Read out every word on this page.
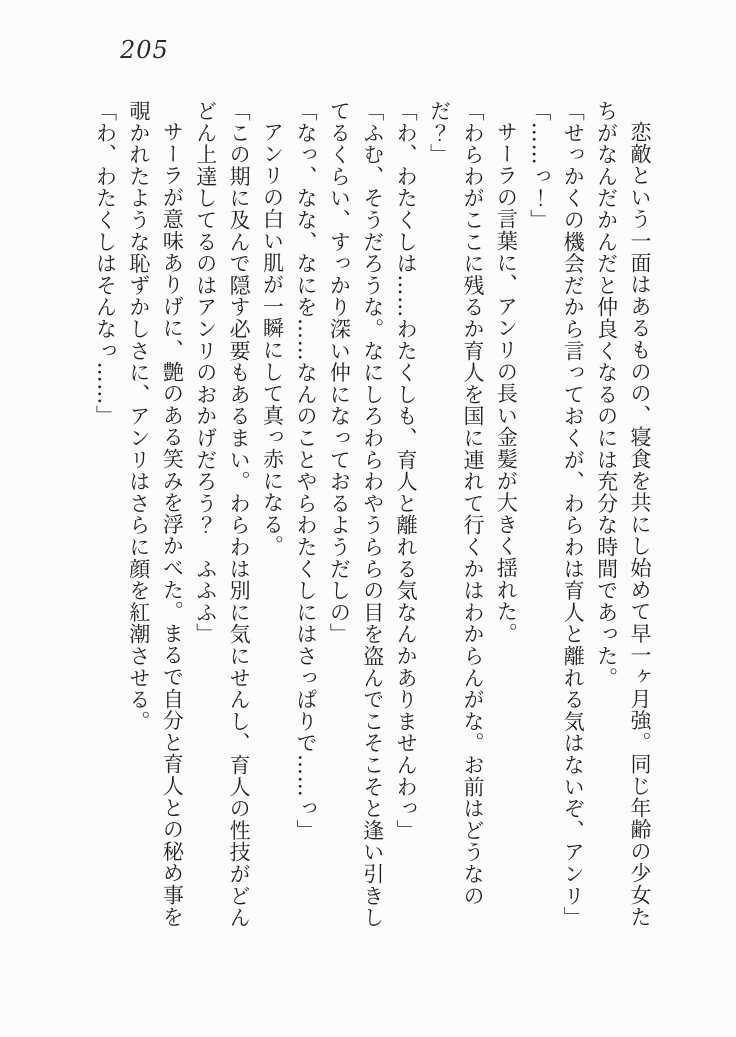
205

恋敵という一面はあるものの、寝食を共にし始めて早一ヶ月強。同じ年齢の少女たちがなんだかんだと仲良くなるのには充分な時間であった。

「せっかくの機会だから言っておくが、わらわは育人と離れる気はないぞ、アンリ」

「……っ！」

サーラの言葉に、アンリの長い金髪が大きく揺れた。

「わらわがここに残るか育人を国に連れて行くかはわからんがな。お前はどうなのだ？」

「わ、わたくしは……わたくしも、育人と離れる気なんかありませんわっ」

「ふむ、そうだろうな。なにしろわらわやうららの目を盗んでこそこそと逢い引きしてるくらい、すっかり深い仲になっておるようだしの」

「なっ、なな、なにを……なんのことやらわたくしにはさっぱりで……っ」

アンリの白い肌が一瞬にして真っ赤になる。

「この期に及んで隠す必要もあるまい。わらわは別に気にせんし、育人の性技がどんどん上達してるのはアンリのおかげだろう？　ふふふ」

サーラが意味ありげに、艶のある笑みを浮かべた。まるで自分と育人との秘め事を覗かれたような恥ずかしさに、アンリはさらに顔を紅潮させる。

「わ、わたくしはそんなっ……」
